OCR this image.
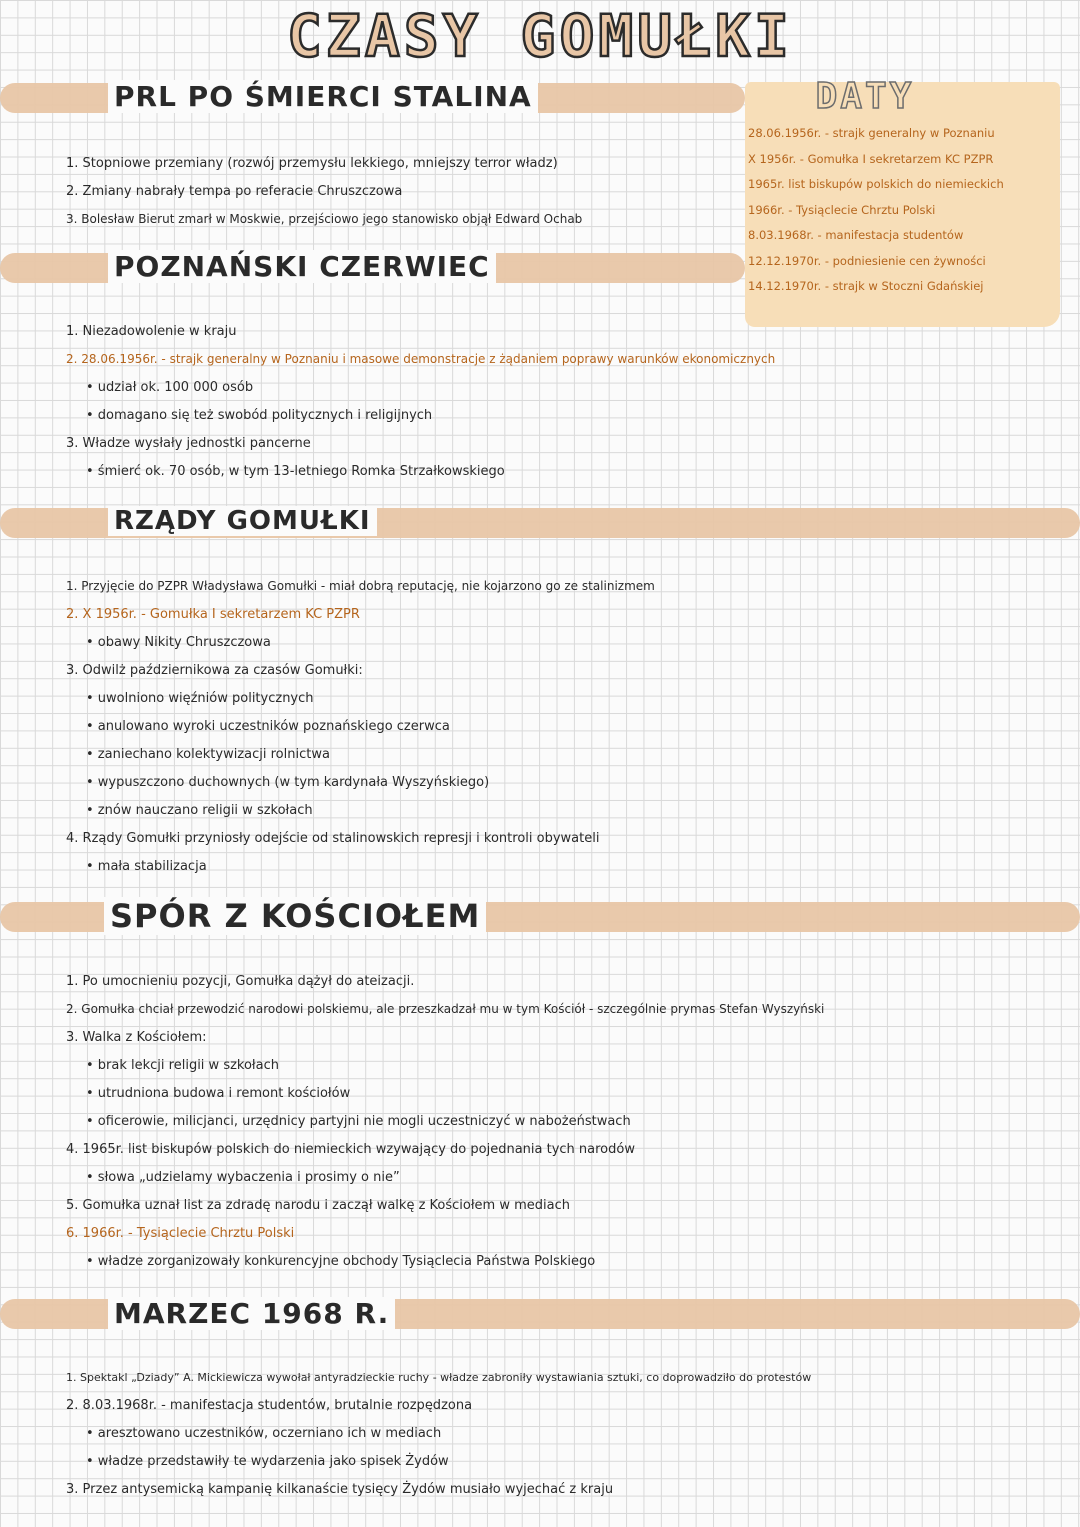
CZASY GOMUŁKI
DATY
28.06.1956r. - strajk generalny w Poznaniu
X 1956r. - Gomułka I sekretarzem KC PZPR
1965r. list biskupów polskich do niemieckich
1966r. - Tysiąclecie Chrztu Polski
8.03.1968r. - manifestacja studentów
12.12.1970r. - podniesienie cen żywności
14.12.1970r. - strajk w Stoczni Gdańskiej
PRL PO ŚMIERCI STALINA
1. Stopniowe przemiany (rozwój przemysłu lekkiego, mniejszy terror władz)
2. Zmiany nabrały tempa po referacie Chruszczowa
3. Bolesław Bierut zmarł w Moskwie, przejściowo jego stanowisko objął Edward Ochab
POZNAŃSKI CZERWIEC
1. Niezadowolenie w kraju
2. 28.06.1956r. - strajk generalny w Poznaniu i masowe demonstracje z żądaniem poprawy warunków ekonomicznych
• udział ok. 100 000 osób
• domagano się też swobód politycznych i religijnych
3. Władze wysłały jednostki pancerne
• śmierć ok. 70 osób, w tym 13-letniego Romka Strzałkowskiego
RZĄDY GOMUŁKI
1. Przyjęcie do PZPR Władysława Gomułki - miał dobrą reputację, nie kojarzono go ze stalinizmem
2. X 1956r. - Gomułka I sekretarzem KC PZPR
• obawy Nikity Chruszczowa
3. Odwilż październikowa za czasów Gomułki:
• uwolniono więźniów politycznych
• anulowano wyroki uczestników poznańskiego czerwca
• zaniechano kolektywizacji rolnictwa
• wypuszczono duchownych (w tym kardynała Wyszyńskiego)
• znów nauczano religii w szkołach
4. Rządy Gomułki przyniosły odejście od stalinowskich represji i kontroli obywateli
• mała stabilizacja
SPÓR Z KOŚCIOŁEM
1. Po umocnieniu pozycji, Gomułka dążył do ateizacji.
2. Gomułka chciał przewodzić narodowi polskiemu, ale przeszkadzał mu w tym Kościół - szczególnie prymas Stefan Wyszyński
3. Walka z Kościołem:
• brak lekcji religii w szkołach
• utrudniona budowa i remont kościołów
• oficerowie, milicjanci, urzędnicy partyjni nie mogli uczestniczyć w nabożeństwach
4. 1965r. list biskupów polskich do niemieckich wzywający do pojednania tych narodów
• słowa „udzielamy wybaczenia i prosimy o nie”
5. Gomułka uznał list za zdradę narodu i zaczął walkę z Kościołem w mediach
6. 1966r. - Tysiąclecie Chrztu Polski
• władze zorganizowały konkurencyjne obchody Tysiąclecia Państwa Polskiego
MARZEC 1968 R.
1. Spektakl „Dziady” A. Mickiewicza wywołał antyradzieckie ruchy - władze zabroniły wystawiania sztuki, co doprowadziło do protestów
2. 8.03.1968r. - manifestacja studentów, brutalnie rozpędzona
• aresztowano uczestników, oczerniano ich w mediach
• władze przedstawiły te wydarzenia jako spisek Żydów
3. Przez antysemicką kampanię kilkanaście tysięcy Żydów musiało wyjechać z kraju
